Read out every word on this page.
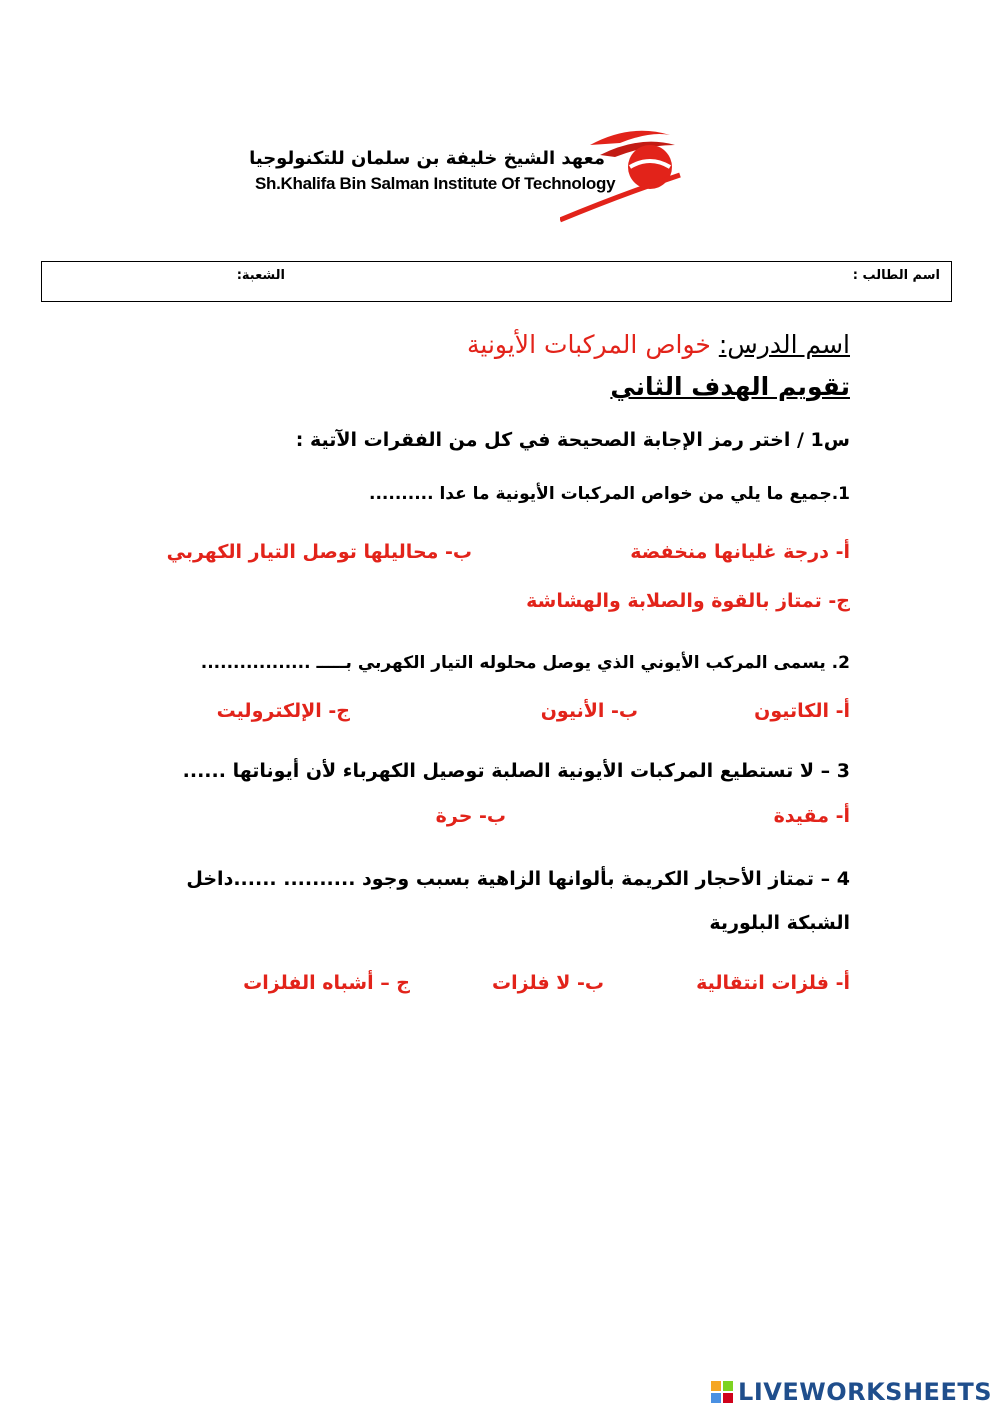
معهد الشيخ خليفة بن سلمان للتكنولوجيا
Sh.Khalifa Bin Salman Institute Of Technology
اسم الطالب :
الشعبة:
اسم الدرس: خواص المركبات الأيونية
تقويم الهدف الثاني
س1 / اختر رمز الإجابة الصحيحة في كل من الفقرات الآتية :
1.جميع ما يلي من خواص المركبات الأيونية ما عدا ..........
أ- درجة غليانها منخفضة
ب- محاليلها توصل التيار الكهربي
ج- تمتاز بالقوة والصلابة والهشاشة
2. يسمى المركب الأيوني الذي يوصل محلوله التيار الكهربي بـــــ .................
أ- الكاتيون
ب- الأنيون
ج- الإلكتروليت
3 – لا تستطيع المركبات الأيونية الصلبة توصيل الكهرباء لأن أيوناتها ......
أ- مقيدة
ب- حرة
4 – تمتاز الأحجار الكريمة بألوانها الزاهية بسبب وجود .......... ......داخل
الشبكة البلورية
أ- فلزات انتقالية
ب- لا فلزات
ج – أشباه الفلزات
LIVEWORKSHEETS
